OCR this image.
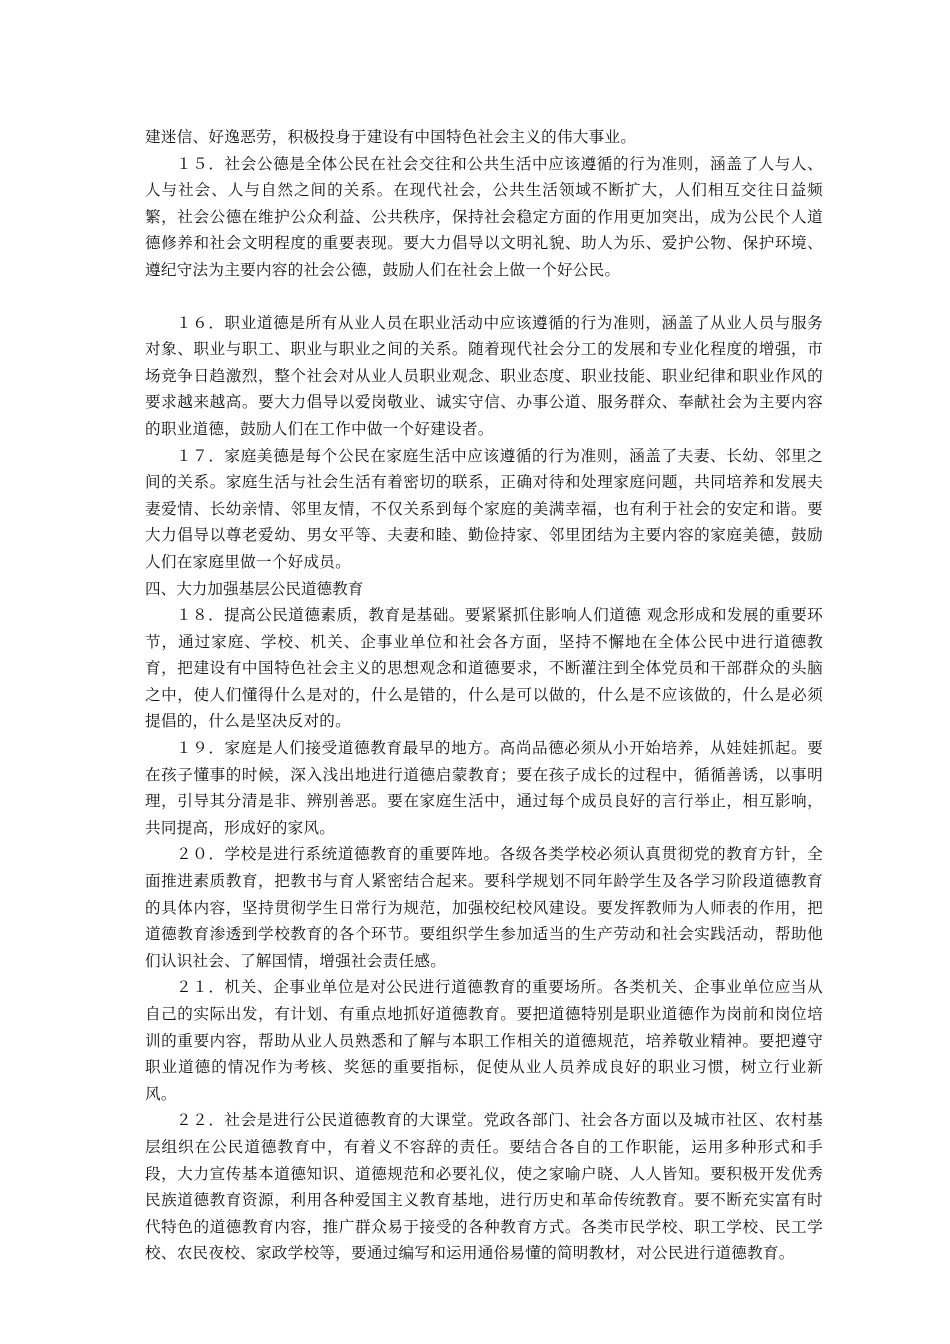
建迷信、好逸恶劳，积极投身于建设有中国特色社会主义的伟大事业。

１５．社会公德是全体公民在社会交往和公共生活中应该遵循的行为准则，涵盖了人与人、人与社会、人与自然之间的关系。在现代社会，公共生活领域不断扩大，人们相互交往日益频繁，社会公德在维护公众利益、公共秩序，保持社会稳定方面的作用更加突出，成为公民个人道德修养和社会文明程度的重要表现。要大力倡导以文明礼貌、助人为乐、爱护公物、保护环境、遵纪守法为主要内容的社会公德，鼓励人们在社会上做一个好公民。

１６．职业道德是所有从业人员在职业活动中应该遵循的行为准则，涵盖了从业人员与服务对象、职业与职工、职业与职业之间的关系。随着现代社会分工的发展和专业化程度的增强，市场竞争日趋激烈，整个社会对从业人员职业观念、职业态度、职业技能、职业纪律和职业作风的要求越来越高。要大力倡导以爱岗敬业、诚实守信、办事公道、服务群众、奉献社会为主要内容的职业道德，鼓励人们在工作中做一个好建设者。

１７．家庭美德是每个公民在家庭生活中应该遵循的行为准则，涵盖了夫妻、长幼、邻里之间的关系。家庭生活与社会生活有着密切的联系，正确对待和处理家庭问题，共同培养和发展夫妻爱情、长幼亲情、邻里友情，不仅关系到每个家庭的美满幸福，也有利于社会的安定和谐。要大力倡导以尊老爱幼、男女平等、夫妻和睦、勤俭持家、邻里团结为主要内容的家庭美德，鼓励人们在家庭里做一个好成员。

四、大力加强基层公民道德教育

１８．提高公民道德素质，教育是基础。要紧紧抓住影响人们道德 观念形成和发展的重要环节，通过家庭、学校、机关、企事业单位和社会各方面，坚持不懈地在全体公民中进行道德教育，把建设有中国特色社会主义的思想观念和道德要求，不断灌注到全体党员和干部群众的头脑之中，使人们懂得什么是对的，什么是错的，什么是可以做的，什么是不应该做的，什么是必须提倡的，什么是坚决反对的。

１９．家庭是人们接受道德教育最早的地方。高尚品德必须从小开始培养，从娃娃抓起。要在孩子懂事的时候，深入浅出地进行道德启蒙教育；要在孩子成长的过程中，循循善诱，以事明理，引导其分清是非、辨别善恶。要在家庭生活中，通过每个成员良好的言行举止，相互影响，共同提高，形成好的家风。

２０．学校是进行系统道德教育的重要阵地。各级各类学校必须认真贯彻党的教育方针，全面推进素质教育，把教书与育人紧密结合起来。要科学规划不同年龄学生及各学习阶段道德教育的具体内容，坚持贯彻学生日常行为规范，加强校纪校风建设。要发挥教师为人师表的作用，把道德教育渗透到学校教育的各个环节。要组织学生参加适当的生产劳动和社会实践活动，帮助他们认识社会、了解国情，增强社会责任感。

２１．机关、企事业单位是对公民进行道德教育的重要场所。各类机关、企事业单位应当从自己的实际出发，有计划、有重点地抓好道德教育。要把道德特别是职业道德作为岗前和岗位培训的重要内容，帮助从业人员熟悉和了解与本职工作相关的道德规范，培养敬业精神。要把遵守职业道德的情况作为考核、奖惩的重要指标，促使从业人员养成良好的职业习惯，树立行业新风。

２２．社会是进行公民道德教育的大课堂。党政各部门、社会各方面以及城市社区、农村基层组织在公民道德教育中，有着义不容辞的责任。要结合各自的工作职能，运用多种形式和手段，大力宣传基本道德知识、道德规范和必要礼仪，使之家喻户晓、人人皆知。要积极开发优秀民族道德教育资源，利用各种爱国主义教育基地，进行历史和革命传统教育。要不断充实富有时代特色的道德教育内容，推广群众易于接受的各种教育方式。各类市民学校、职工学校、民工学校、农民夜校、家政学校等，要通过编写和运用通俗易懂的简明教材，对公民进行道德教育。
